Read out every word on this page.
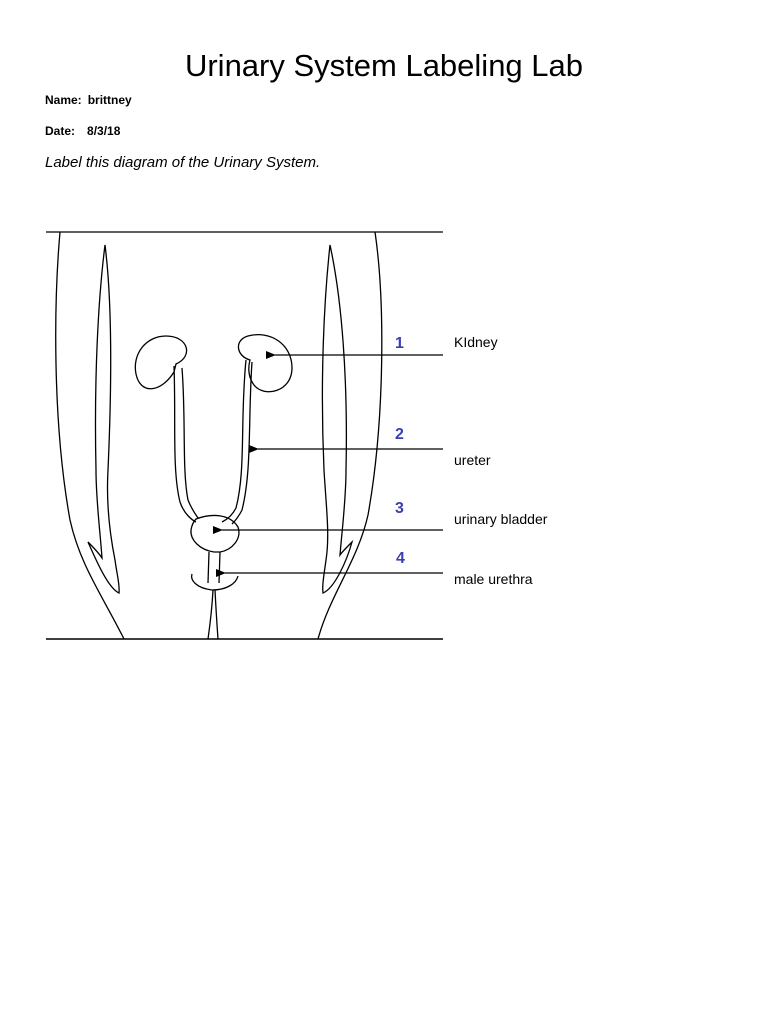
Urinary System Labeling Lab
Name: brittney
Date: 8/3/18
Label this diagram of the Urinary System.
1
2
3
4
KIdney
ureter
urinary bladder
male urethra
